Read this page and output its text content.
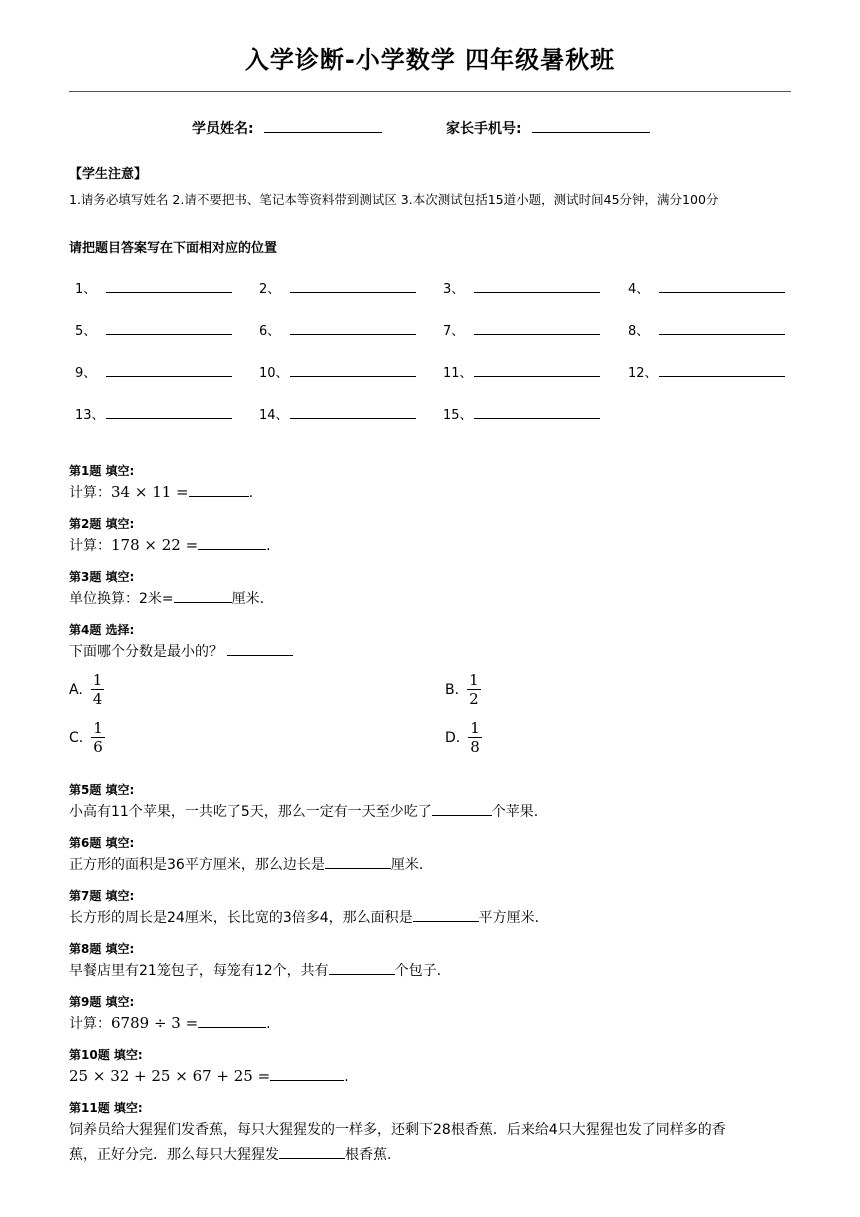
入学诊断-小学数学 四年级暑秋班
学员姓名:	家长手机号:
【学生注意】
1.请务必填写姓名 2.请不要把书、笔记本等资料带到测试区 3.本次测试包括15道小题，测试时间45分钟，满分100分
请把题目答案写在下面相对应的位置
1、	2、	3、	4、
5、	6、	7、	8、
9、	10、	11、	12、
13、	14、	15、
第1题 填空:
计算：34 × 11 =	.
第2题 填空:
计算：178 × 22 =	.
第3题 填空:
单位换算：2米=	厘米.
第4题 选择:
下面哪个分数是最小的？
A. $\frac{1}{4}$	B. $\frac{1}{2}$
C. $\frac{1}{6}$	D. $\frac{1}{8}$
第5题 填空:
小高有11个苹果，一共吃了5天，那么一定有一天至少吃了	个苹果.
第6题 填空:
正方形的面积是36平方厘米，那么边长是	厘米.
第7题 填空:
长方形的周长是24厘米，长比宽的3倍多4，那么面积是	平方厘米.
第8题 填空:
早餐店里有21笼包子，每笼有12个，共有	个包子.
第9题 填空:
计算：6789 ÷ 3 =	.
第10题 填空:
25 × 32 + 25 × 67 + 25 =	.
第11题 填空:
饲养员给大猩猩们发香蕉，每只大猩猩发的一样多，还剩下28根香蕉．后来给4只大猩猩也发了同样多的香
蕉，正好分完．那么每只大猩猩发	根香蕉.
